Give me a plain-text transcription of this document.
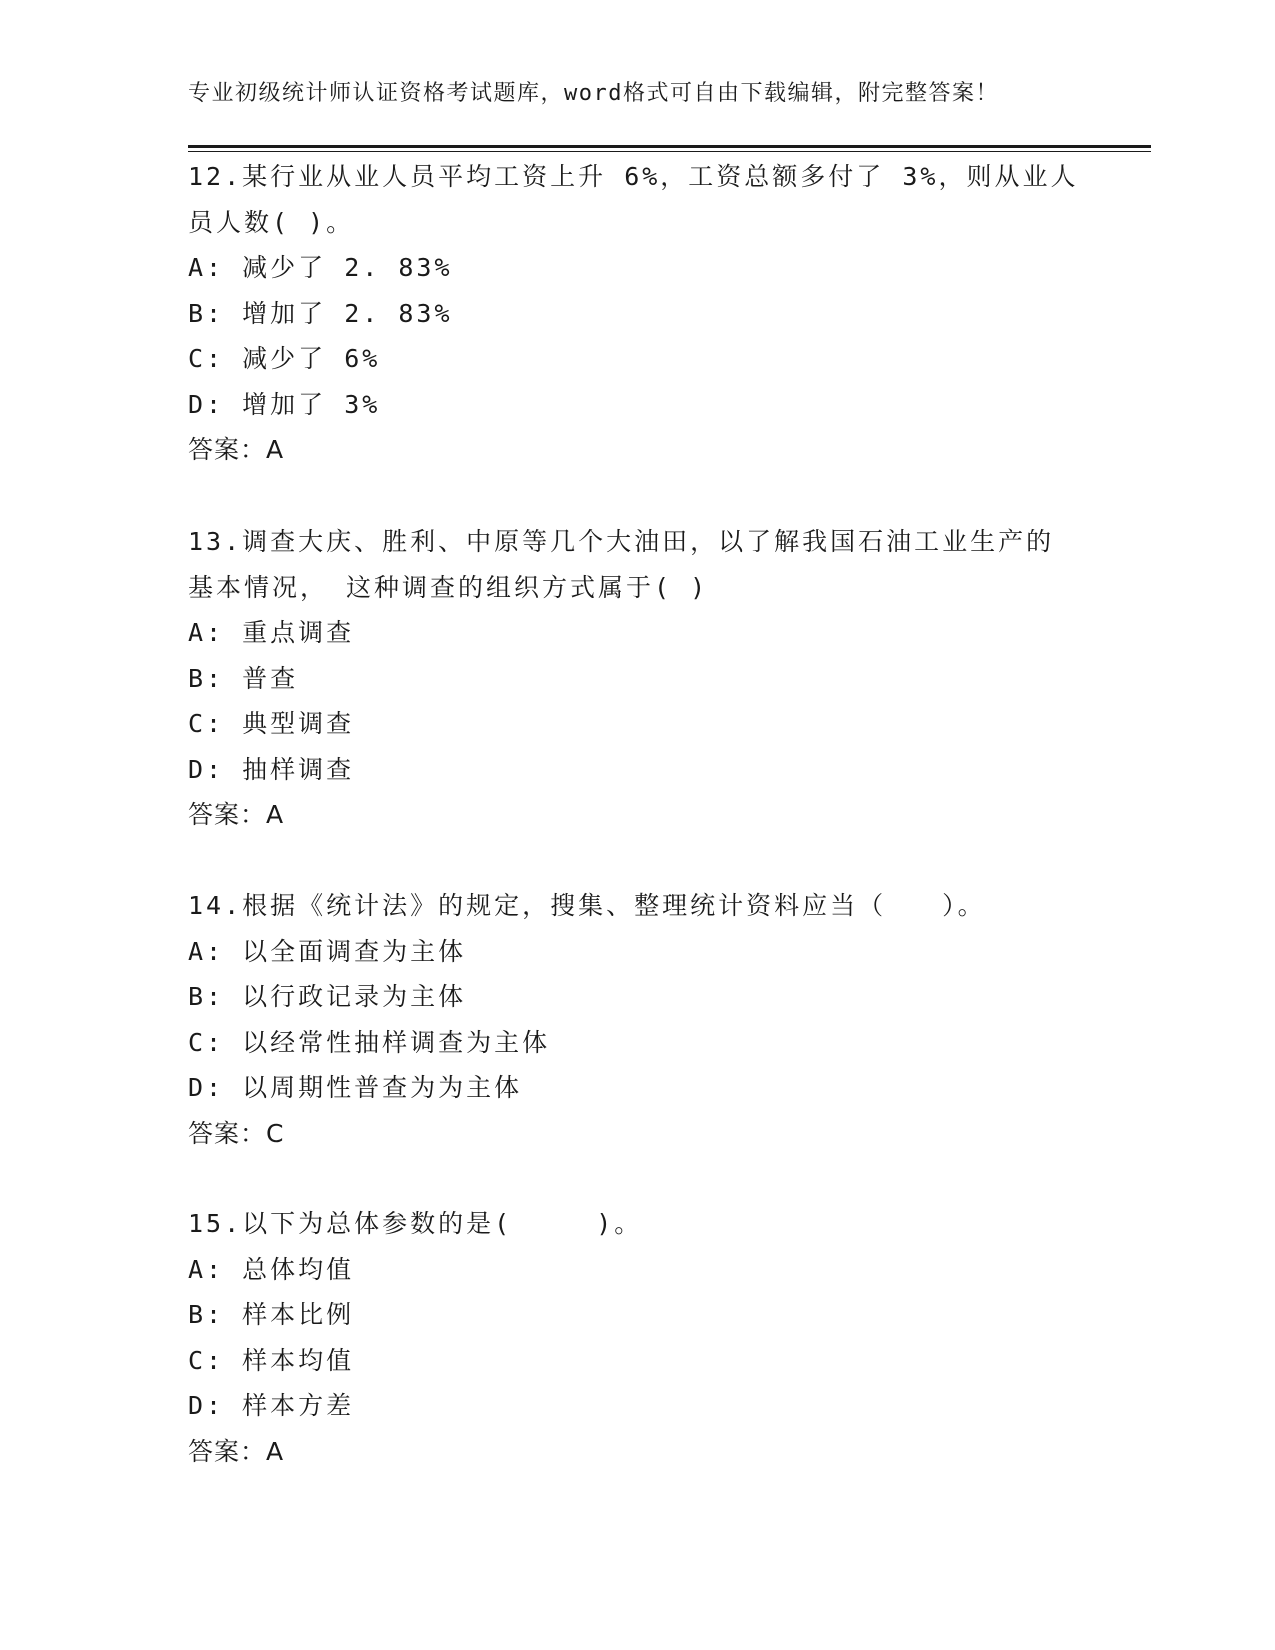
专业初级统计师认证资格考试题库，word格式可自由下载编辑，附完整答案！
12.某行业从业人员平均工资上升 6%，工资总额多付了 3%，则从业人
员人数( )。
A: 减少了 2. 83%
B: 增加了 2. 83%
C: 减少了 6%
D: 增加了 3%
答案：A
13.调查大庆、胜利、中原等几个大油田，以了解我国石油工业生产的
基本情况， 这种调查的组织方式属于( )
A: 重点调查
B: 普查
C: 典型调查
D: 抽样调查
答案：A
14.根据《统计法》的规定，搜集、整理统计资料应当（　　）。
A: 以全面调查为主体
B: 以行政记录为主体
C: 以经常性抽样调查为主体
D: 以周期性普查为为主体
答案：C
15.以下为总体参数的是(　　　)。
A: 总体均值
B: 样本比例
C: 样本均值
D: 样本方差
答案：A
